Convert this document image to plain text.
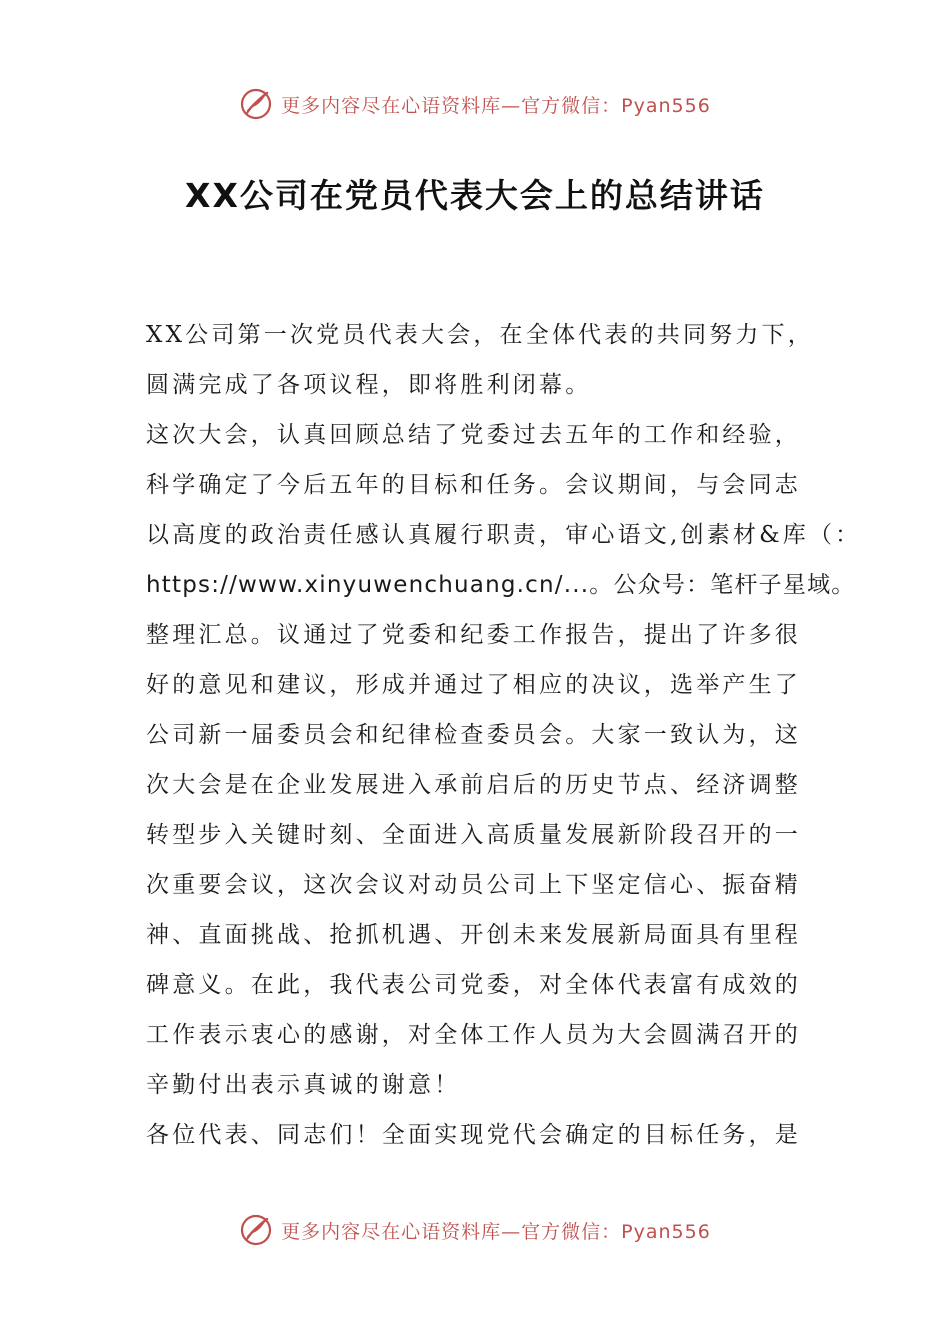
更多内容尽在心语资料库—官方微信：Pyan556
XX公司在党员代表大会上的总结讲话
XX公司第一次党员代表大会，在全体代表的共同努力下，
圆满完成了各项议程，即将胜利闭幕。
这次大会，认真回顾总结了党委过去五年的工作和经验，
科学确定了今后五年的目标和任务。会议期间，与会同志
以高度的政治责任感认真履行职责，审心语文,创素材&库（：
https://www.xinyuwenchuang.cn/...。公众号：笔杆子星域。
整理汇总。议通过了党委和纪委工作报告，提出了许多很
好的意见和建议，形成并通过了相应的决议，选举产生了
公司新一届委员会和纪律检查委员会。大家一致认为，这
次大会是在企业发展进入承前启后的历史节点、经济调整
转型步入关键时刻、全面进入高质量发展新阶段召开的一
次重要会议，这次会议对动员公司上下坚定信心、振奋精
神、直面挑战、抢抓机遇、开创未来发展新局面具有里程
碑意义。在此，我代表公司党委，对全体代表富有成效的
工作表示衷心的感谢，对全体工作人员为大会圆满召开的
辛勤付出表示真诚的谢意！
各位代表、同志们！全面实现党代会确定的目标任务，是
更多内容尽在心语资料库—官方微信：Pyan556
